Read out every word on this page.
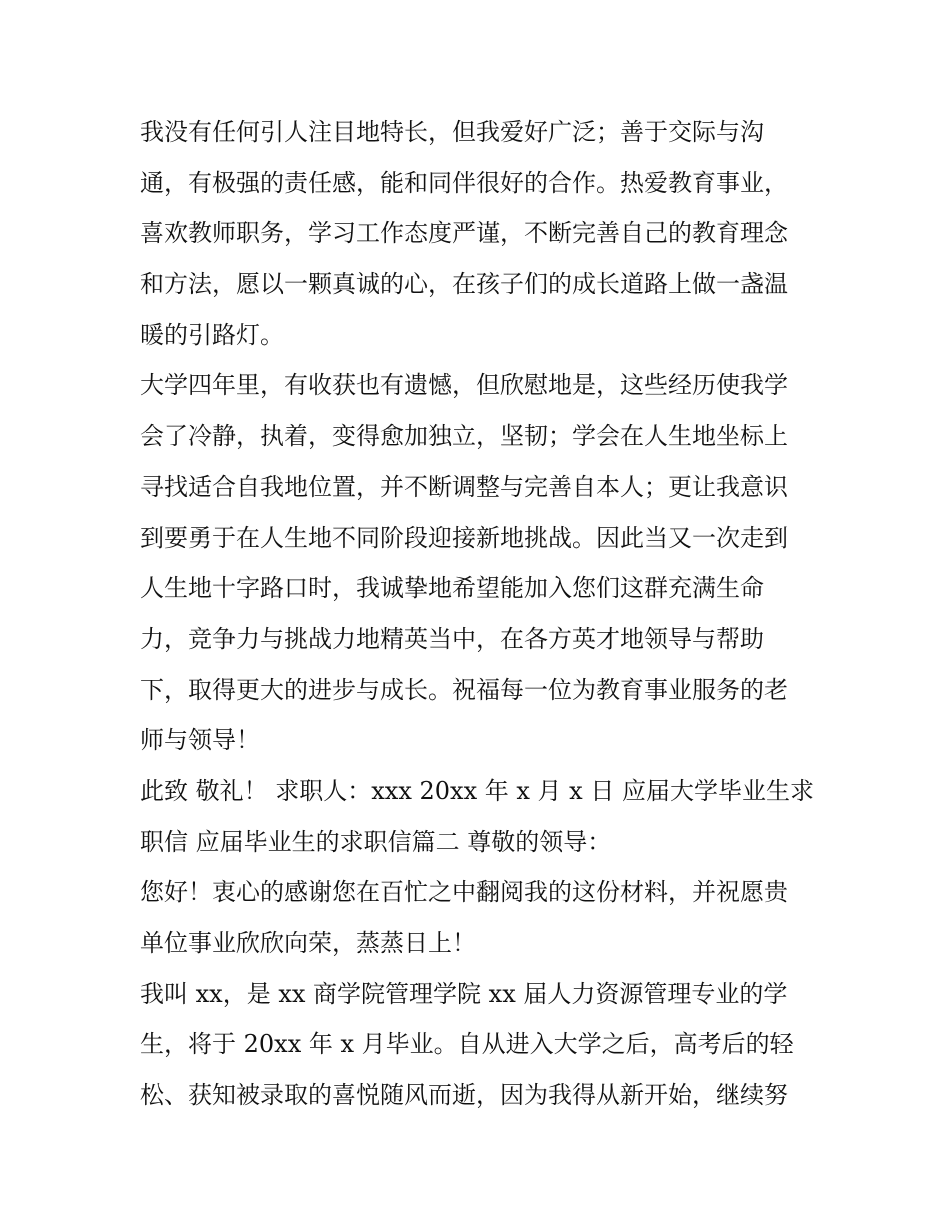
我没有任何引人注目地特长，但我爱好广泛；善于交际与沟
通，有极强的责任感，能和同伴很好的合作。热爱教育事业，
喜欢教师职务，学习工作态度严谨，不断完善自己的教育理念
和方法，愿以一颗真诚的心，在孩子们的成长道路上做一盏温
暖的引路灯。
大学四年里，有收获也有遗憾，但欣慰地是，这些经历使我学
会了冷静，执着，变得愈加独立，坚韧；学会在人生地坐标上
寻找适合自我地位置，并不断调整与完善自本人；更让我意识
到要勇于在人生地不同阶段迎接新地挑战。因此当又一次走到
人生地十字路口时，我诚挚地希望能加入您们这群充满生命
力，竞争力与挑战力地精英当中，在各方英才地领导与帮助
下，取得更大的进步与成长。祝福每一位为教育事业服务的老
师与领导！
此致 敬礼！ 求职人：xxx 20xx 年 x 月 x 日 应届大学毕业生求
职信 应届毕业生的求职信篇二 尊敬的领导：
您好！衷心的感谢您在百忙之中翻阅我的这份材料，并祝愿贵
单位事业欣欣向荣，蒸蒸日上！
我叫 xx，是 xx 商学院管理学院 xx 届人力资源管理专业的学
生，将于 20xx 年 x 月毕业。自从进入大学之后，高考后的轻
松、获知被录取的喜悦随风而逝，因为我得从新开始，继续努
